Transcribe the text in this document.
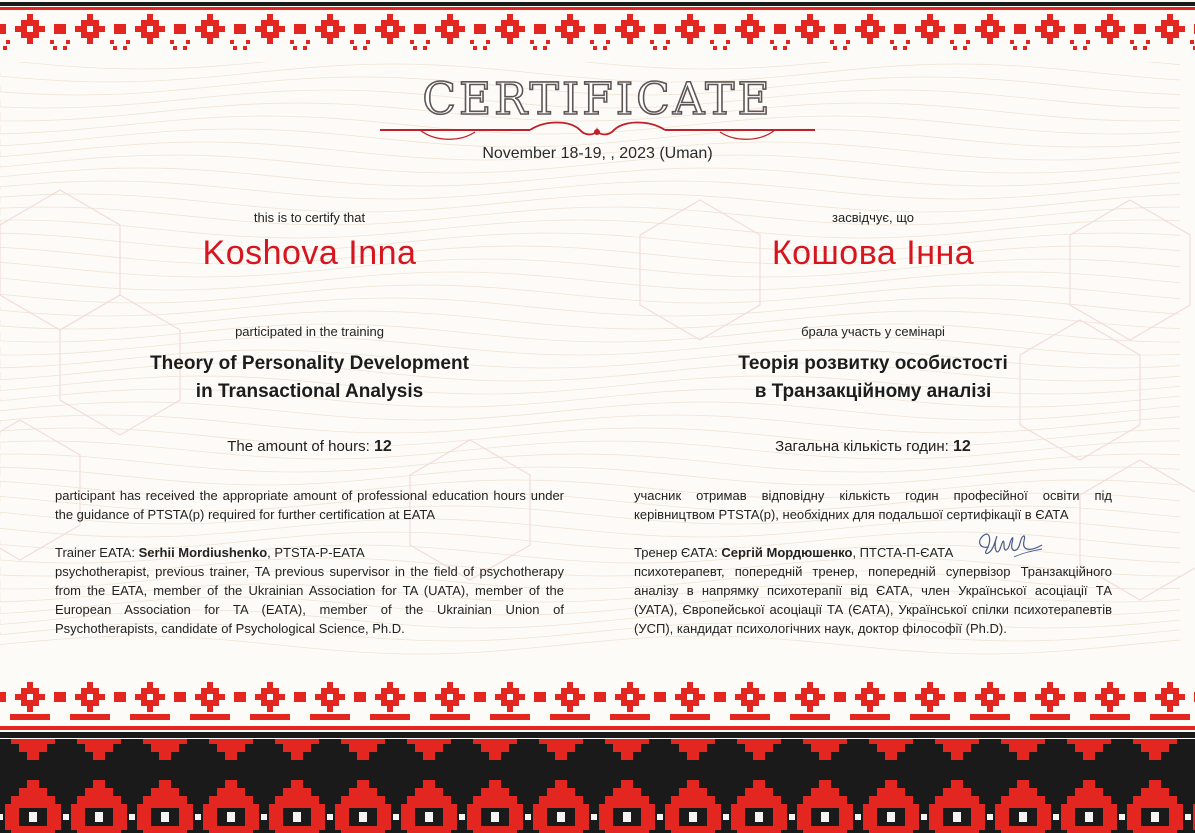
CERTIFICATE
November 18-19, , 2023 (Uman)
this is to certify that
Koshova Inna
participated in the training
Theory of Personality Development
in Transactional Analysis
The amount of hours: 12
participant has received the appropriate amount of professional education hours under the guidance of PTSTA(p) required for further certification at EATA
Trainer EATA: Serhii Mordiushenko, PTSTA-P-EATA
psychotherapist, previous trainer, TA previous supervisor in the field of psychotherapy from the EATA, member of the Ukrainian Association for TA (UATA), member of the European Association for TA (EATA), member of the Ukrainian Union of Psychotherapists, candidate of Psychological Science, Ph.D.
засвідчує, що
Кошова Інна
брала участь у семінарі
Теорія розвитку особистості
в Транзакційному аналізі
Загальна кількість годин: 12
учасник отримав відповідну кількість годин професійної освіти під керівництвом PTSTA(p), необхідних для подальшої сертифікації в ЄАТА
Тренер ЄАТА: Сергій Мордюшенко, ПТСТА-П-ЄАТА
психотерапевт, попередній тренер, попередній супервізор Транзакційного аналізу в напрямку психотерапії від ЄАТА, член Української асоціації ТА (УАТА), Європейської асоціації ТА (ЄАТА), Української спілки психотерапевтів (УСП), кандидат психологічних наук, доктор філософії (Ph.D).
